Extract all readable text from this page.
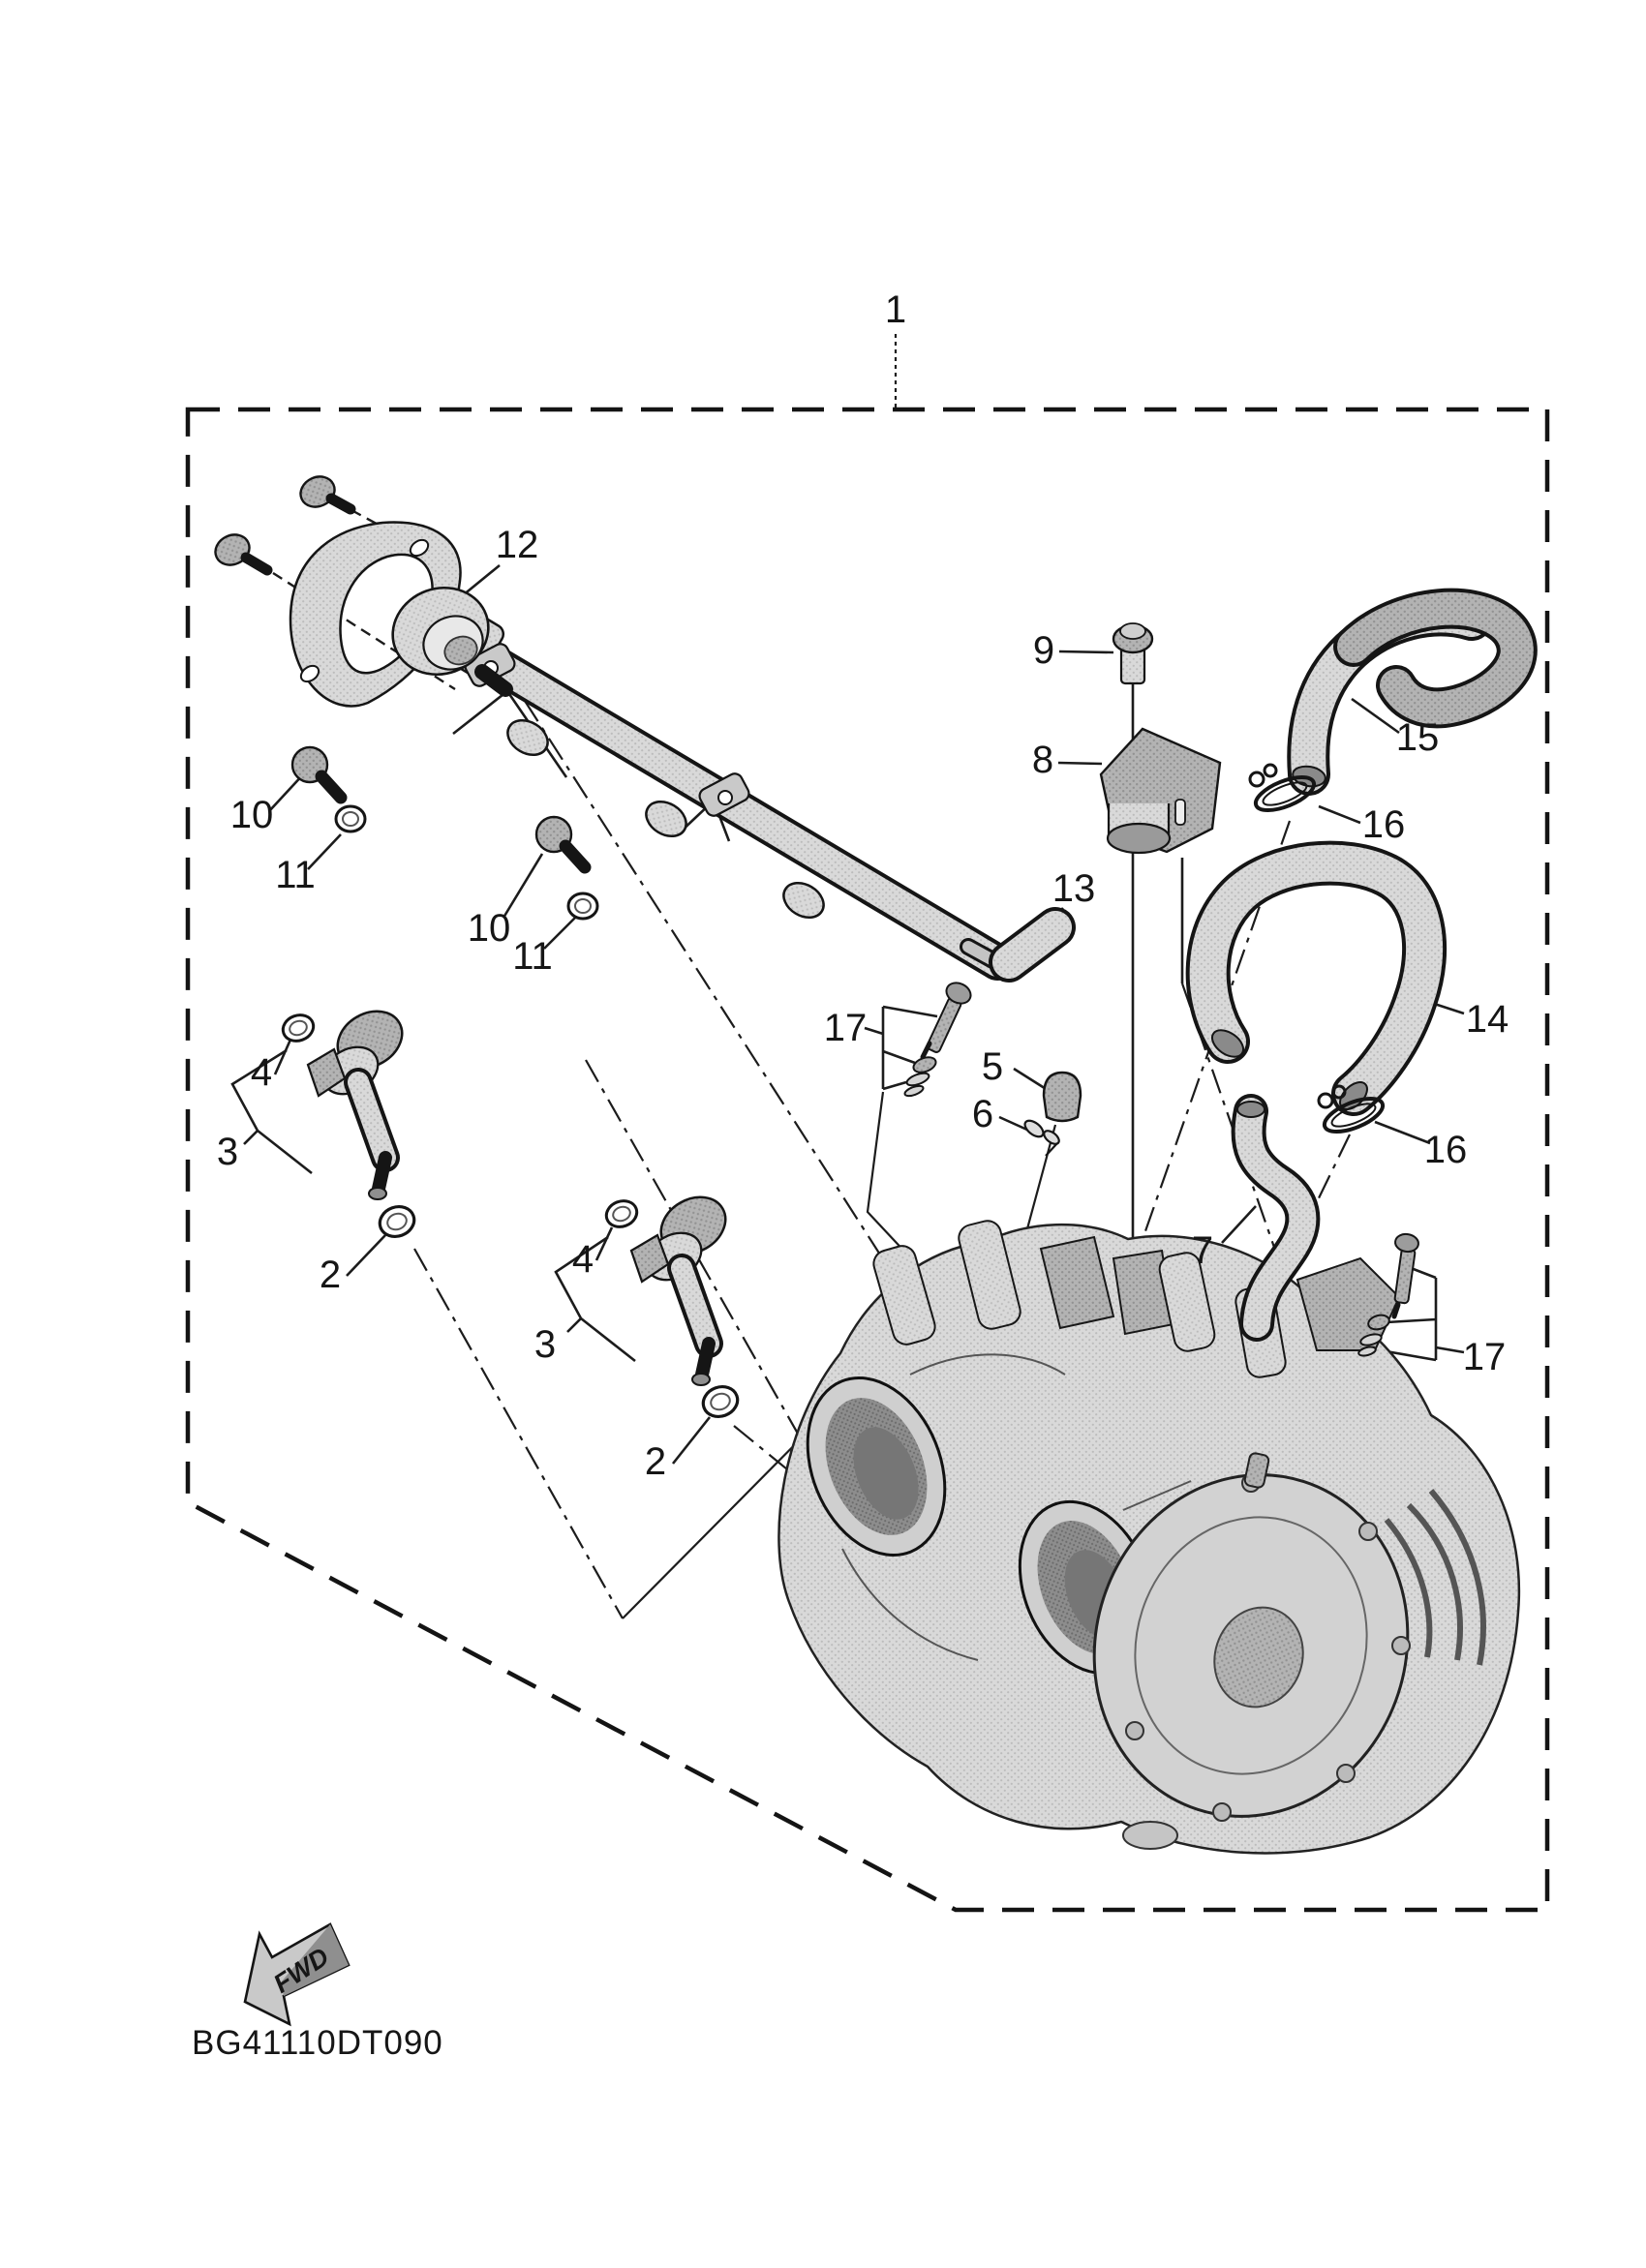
1
12
10
11
10
11
4
3
2	4
3
2
17
5
6
7
9
8
13
15
16
14
16
17
FWD
BG41110DT090
